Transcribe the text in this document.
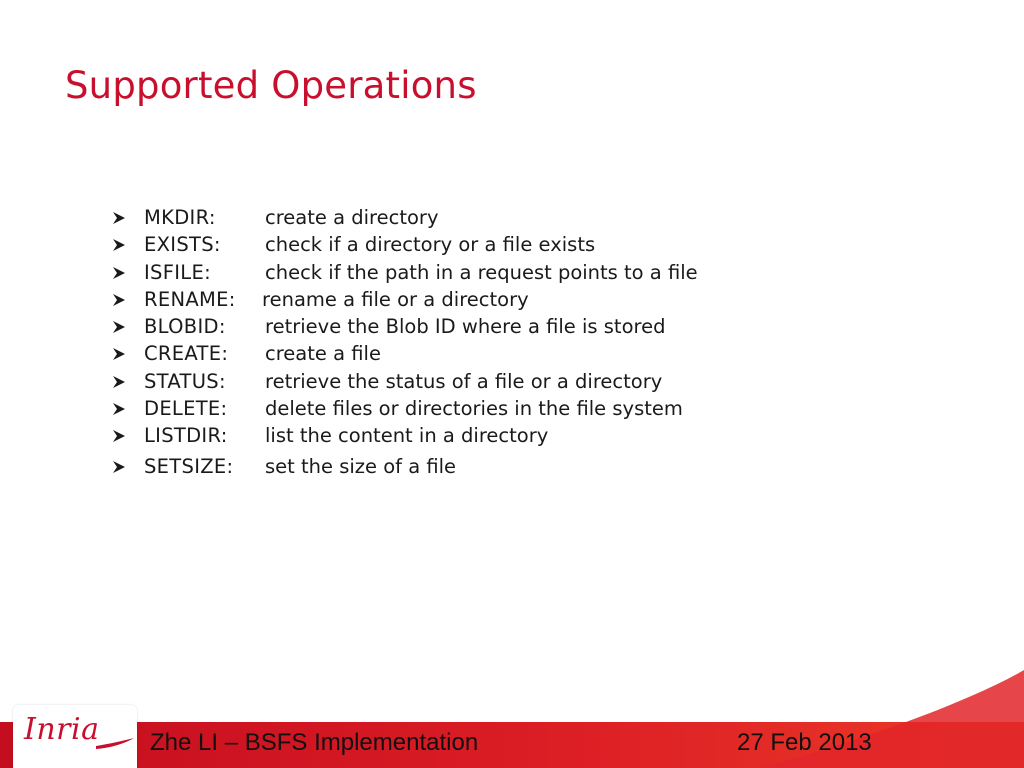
Supported Operations
MKDIR:	create a directory
EXISTS: check if a directory or a file exists
ISFILE:	check if the path in a request points to a file
RENAME: rename a file or a directory
BLOBID: retrieve the Blob ID where a file is stored
CREATE: create a file
STATUS: retrieve the status of a file or a directory
DELETE: delete files or directories in the file system
LISTDIR: list the content in a directory
SETSIZE: set the size of a file
Inria Zhe LI – BSFS Implementation	27 Feb 2013
